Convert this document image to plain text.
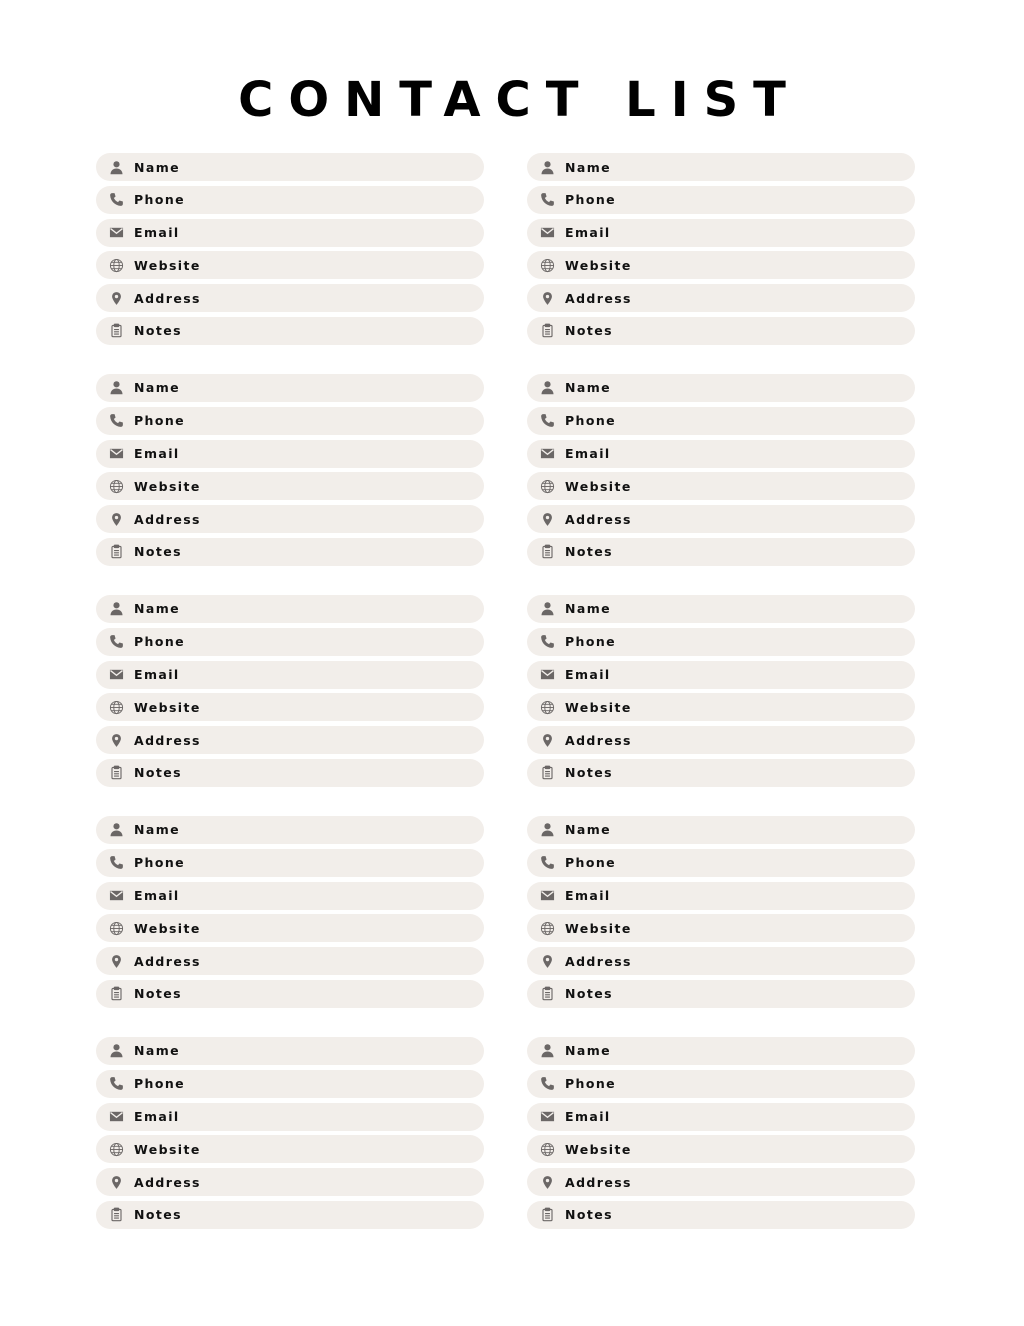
CONTACT LIST
Name
Phone
Email
Website
Address
Notes
Name
Phone
Email
Website
Address
Notes
Name
Phone
Email
Website
Address
Notes
Name
Phone
Email
Website
Address
Notes
Name
Phone
Email
Website
Address
Notes
Name
Phone
Email
Website
Address
Notes
Name
Phone
Email
Website
Address
Notes
Name
Phone
Email
Website
Address
Notes
Name
Phone
Email
Website
Address
Notes
Name
Phone
Email
Website
Address
Notes
